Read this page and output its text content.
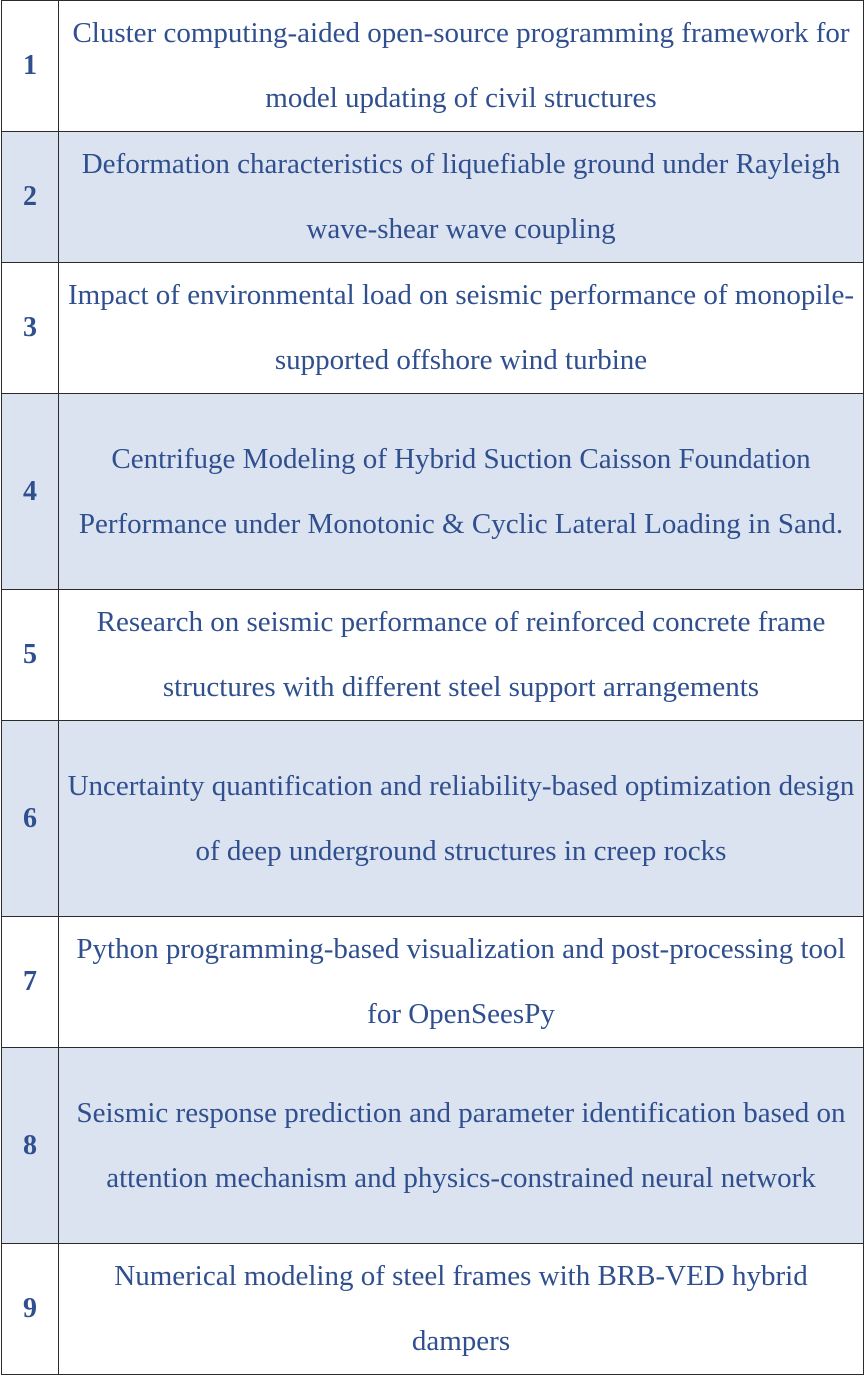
1	Cluster computing-aided open-source programming framework for model updating of civil structures
2	Deformation characteristics of liquefiable ground under Rayleigh wave-shear wave coupling
3	Impact of environmental load on seismic performance of monopile-supported offshore wind turbine
4	Centrifuge Modeling of Hybrid Suction Caisson Foundation Performance under Monotonic & Cyclic Lateral Loading in Sand.
5	Research on seismic performance of reinforced concrete frame structures with different steel support arrangements
6	Uncertainty quantification and reliability-based optimization design of deep underground structures in creep rocks
7	Python programming-based visualization and post-processing tool for OpenSeesPy
8	Seismic response prediction and parameter identification based on attention mechanism and physics-constrained neural network
9	Numerical modeling of steel frames with BRB-VED hybrid dampers
